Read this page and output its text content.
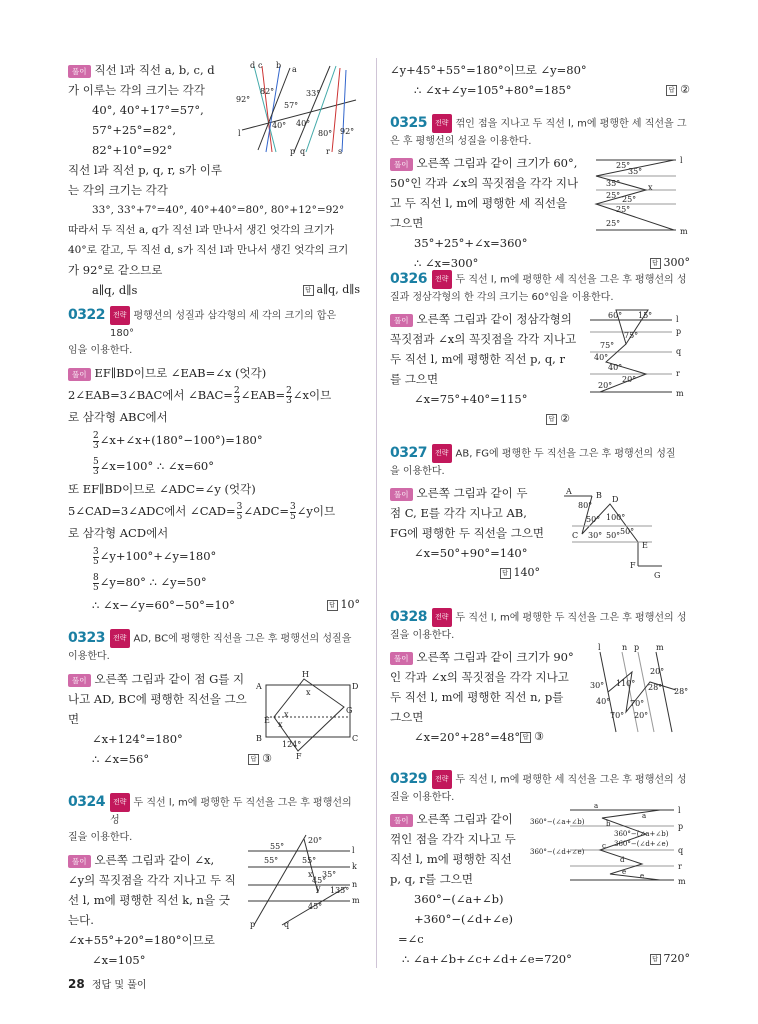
풀이 직선 l과 직선 a, b, c, d
가 이루는 각의 크기는 각각
40°, 40°+17°=57°,
57°+25°=82°,
82°+10°=92°
직선 l과 직선 p, q, r, s가 이루
는 각의 크기는 각각
33°, 33°+7°=40°, 40°+40°=80°, 80°+12°=92°
따라서 두 직선 a, q가 직선 l과 만나서 생긴 엇각의 크기가
40°로 같고, 두 직선 d, s가 직선 l과 만나서 생긴 엇각의 크기
가 92°로 같으므로
a∥q, d∥s	답 a∥q, d∥s
d c b a
92°
82°
57°
33°
40° 40°
80° 92°
l
p q	r s
0322	전략 평행선의 성질과 삼각형의 세 각의 크기의 합은 180°
임을 이용한다.
풀이 EF∥BD이므로 ∠EAB=∠x (엇각)
2∠EAB=3∠BAC에서 ∠BAC= $\frac{2}{3}$ ∠EAB= $\frac{2}{3}$ ∠x이므
로 삼각형 ABC에서
$\frac{2}{3}$ ∠x+∠x+(180°−100°)=180°
$\frac{5}{3}$ ∠x=100° ∴ ∠x=60°
또 EF∥BD이므로 ∠ADC=∠y (엇각)
5∠CAD=3∠ADC에서 ∠CAD= $\frac{3}{5}$ ∠ADC= $\frac{3}{5}$ ∠y이므
로 삼각형 ACD에서
$\frac{3}{5}$ ∠y+100°+∠y=180°
$\frac{8}{5}$ ∠y=80° ∴ ∠y=50°
∴ ∠x−∠y=60°−50°=10°	답 10°
0323	전략 AD, BC에 평행한 직선을 그은 후 평행선의 성질을
이용한다.
풀이 오른쪽 그림과 같이 점 G를 지
나고 AD, BC에 평행한 직선을 그으
면
∠x+124°=180°
∴ ∠x=56°	답 ③
H
A	D
x
G
E
B	C
x
x
124°
F
0324	전략 두 직선 l, m에 평행한 두 직선을 그은 후 평행선의 성
질을 이용한다.
풀이 오른쪽 그림과 같이 ∠x,
∠y의 꼭짓점을 각각 지나고 두 직
선 l, m에 평행한 직선 k, n을 긋
는다.
∠x+55°+20°=180°이므로
∠x=105°
20°
55°
55°
l
55°
k
x 35°
y
45°
135°
n
45°
m
p	q
∠y+45°+55°=180°이므로 ∠y=80°
∴ ∠x+∠y=105°+80°=185°	답 ②
0325	전략 꺾인 점을 지나고 두 직선 l, m에 평행한 세 직선을 그
은 후 평행선의 성질을 이용한다.
풀이 오른쪽 그림과 같이 크기가 60°,
50°인 각과 ∠x의 꼭짓점을 각각 지나
고 두 직선 l, m에 평행한 세 직선을
그으면
35°+25°+∠x=360°
∴ ∠x=300°	답 300°
25°
l
35°
35°	x
25° 25°
25°
25°
m
0326	전략 두 직선 l, m에 평행한 세 직선을 그은 후 평행선의 성
질과 정삼각형의 한 각의 크기는 60°임을 이용한다.
풀이 오른쪽 그림과 같이 정삼각형의
꼭짓점과 ∠x의 꼭짓점을 각각 지나고
두 직선 l, m에 평행한 직선 p, q, r
를 그으면
∠x=75°+40°=115°

답 ②
60° 15°	l
p
75°
75°
q
40°
40°
r
20°
20°
m
0327	전략 AB, FG에 평행한 두 직선을 그은 후 평행선의 성질
을 이용한다.
풀이 오른쪽 그림과 같이 두
점 C, E를 각각 지나고 AB,
FG에 평행한 두 직선을 그으면
∠x=50°+90°=140°

답 140°
A	B
80°
D
100°
50°
C 30° 50° 50°
E
F
G
0328	전략 두 직선 l, m에 평행한 두 직선을 그은 후 평행선의 성
질을 이용한다.
풀이 오른쪽 그림과 같이 크기가 90°
인 각과 ∠x의 꼭짓점을 각각 지나고
두 직선 l, m에 평행한 직선 n, p를
그으면
∠x=20°+28°=48° 답 ③
l	n p m
30° 110°
20°
28° 28°
40° 70°
20°
70°
0329	전략 두 직선 l, m에 평행한 세 직선을 그은 후 평행선의 성
질을 이용한다.
풀이 오른쪽 그림과 같이
꺾인 점을 각각 지나고 두
직선 l, m에 평행한 직선
p, q, r를 그으면
360°−(∠a+∠b)
+360°−(∠d+∠e)
=∠c
∴ ∠a+∠b+∠c+∠d+∠e=720°	답 720°
a
a
l
360°−(∠a+∠b)	b	p
360°−(∠a+∠b)
c 360°−(∠d+∠e)
q
360°−(∠d+∠e)
d
r
e e
m
28 정답 및 풀이
